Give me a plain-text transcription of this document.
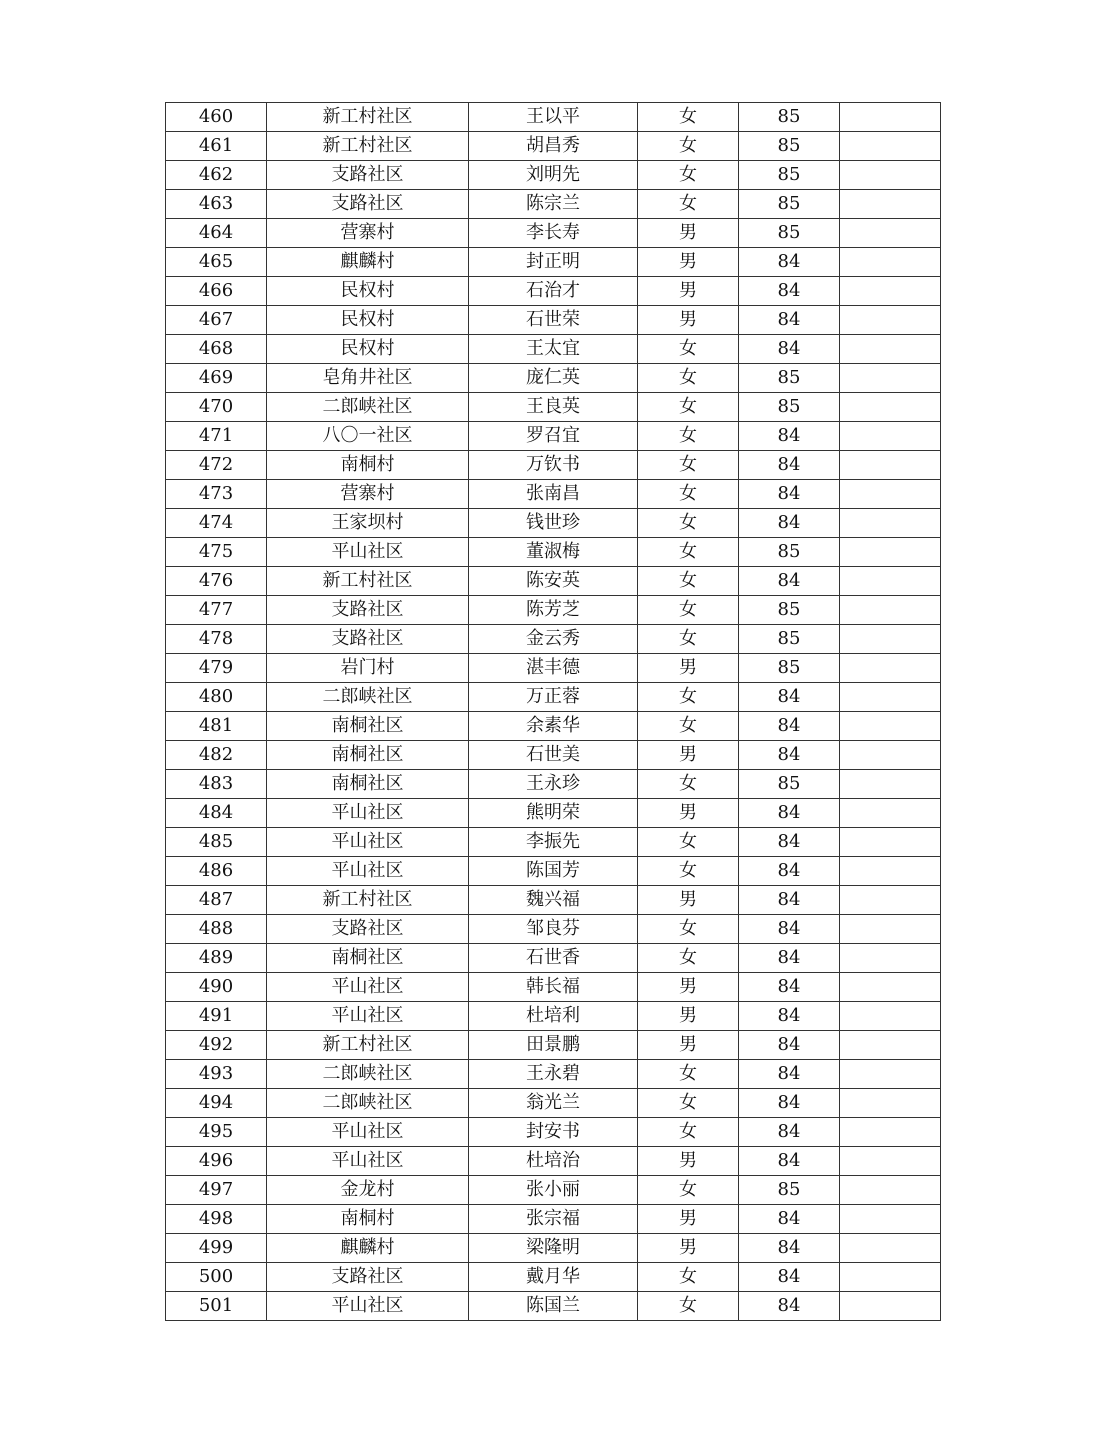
460	新工村社区	王以平	女	85	
461	新工村社区	胡昌秀	女	85	
462	支路社区	刘明先	女	85	
463	支路社区	陈宗兰	女	85	
464	营寨村	李长寿	男	85	
465	麒麟村	封正明	男	84	
466	民权村	石治才	男	84	
467	民权村	石世荣	男	84	
468	民权村	王太宜	女	84	
469	皂角井社区	庞仁英	女	85	
470	二郎峡社区	王良英	女	85	
471	八〇一社区	罗召宜	女	84	
472	南桐村	万钦书	女	84	
473	营寨村	张南昌	女	84	
474	王家坝村	钱世珍	女	84	
475	平山社区	董淑梅	女	85	
476	新工村社区	陈安英	女	84	
477	支路社区	陈芳芝	女	85	
478	支路社区	金云秀	女	85	
479	岩门村	湛丰德	男	85	
480	二郎峡社区	万正蓉	女	84	
481	南桐社区	余素华	女	84	
482	南桐社区	石世美	男	84	
483	南桐社区	王永珍	女	85	
484	平山社区	熊明荣	男	84	
485	平山社区	李振先	女	84	
486	平山社区	陈国芳	女	84	
487	新工村社区	魏兴福	男	84	
488	支路社区	邹良芬	女	84	
489	南桐社区	石世香	女	84	
490	平山社区	韩长福	男	84	
491	平山社区	杜培利	男	84	
492	新工村社区	田景鹏	男	84	
493	二郎峡社区	王永碧	女	84	
494	二郎峡社区	翁光兰	女	84	
495	平山社区	封安书	女	84	
496	平山社区	杜培治	男	84	
497	金龙村	张小丽	女	85	
498	南桐村	张宗福	男	84	
499	麒麟村	梁隆明	男	84	
500	支路社区	戴月华	女	84	
501	平山社区	陈国兰	女	84	
